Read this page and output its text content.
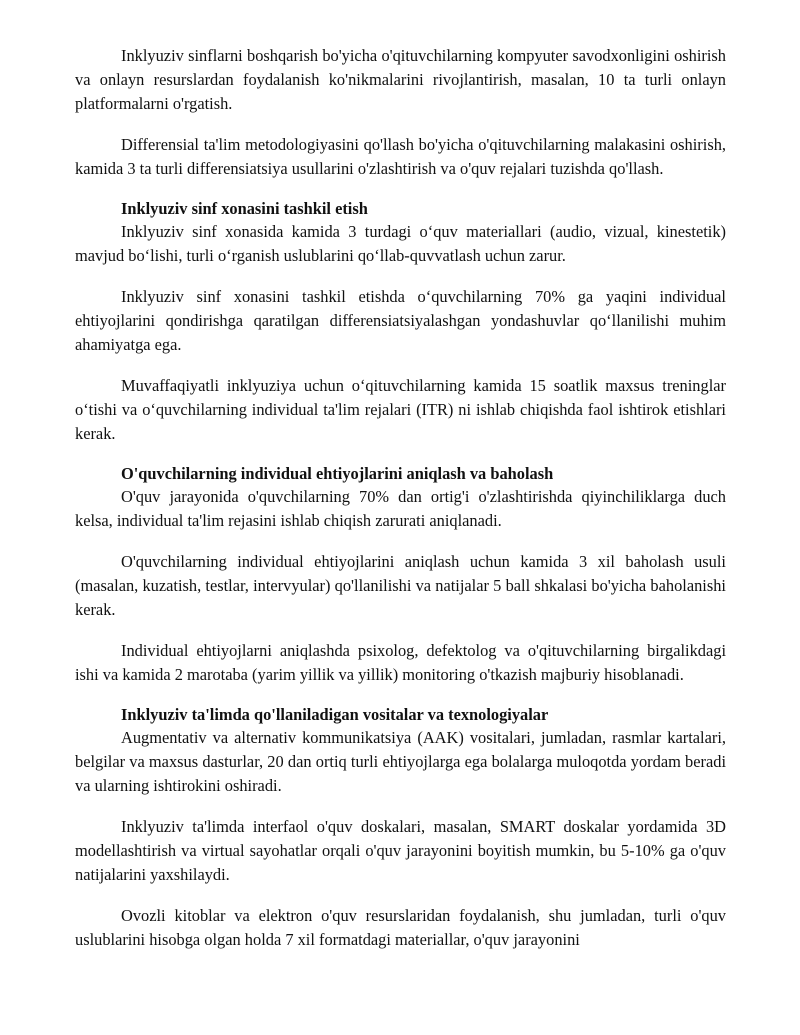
Inklyuziv sinflarni boshqarish bo'yicha o'qituvchilarning kompyuter savodxonligini oshirish va onlayn resurslardan foydalanish ko'nikmalarini rivojlantirish, masalan, 10 ta turli onlayn platformalarni o'rgatish.

Differensial ta'lim metodologiyasini qo'llash bo'yicha o'qituvchilarning malakasini oshirish, kamida 3 ta turli differensiatsiya usullarini o'zlashtirish va o'quv rejalari tuzishda qo'llash.

Inklyuziv sinf xonasini tashkil etish

Inklyuziv sinf xonasida kamida 3 turdagi o‘quv materiallari (audio, vizual, kinestetik) mavjud bo‘lishi, turli o‘rganish uslublarini qo‘llab-quvvatlash uchun zarur.

Inklyuziv sinf xonasini tashkil etishda o‘quvchilarning 70% ga yaqini individual ehtiyojlarini qondirishga qaratilgan differensiatsiyalashgan yondashuvlar qo‘llanilishi muhim ahamiyatga ega.

Muvaffaqiyatli inklyuziya uchun o‘qituvchilarning kamida 15 soatlik maxsus treninglar o‘tishi va o‘quvchilarning individual ta'lim rejalari (ITR) ni ishlab chiqishda faol ishtirok etishlari kerak.

O'quvchilarning individual ehtiyojlarini aniqlash va baholash

O'quv jarayonida o'quvchilarning 70% dan ortig'i o'zlashtirishda qiyinchiliklarga duch kelsa, individual ta'lim rejasini ishlab chiqish zarurati aniqlanadi.

O'quvchilarning individual ehtiyojlarini aniqlash uchun kamida 3 xil baholash usuli (masalan, kuzatish, testlar, intervyular) qo'llanilishi va natijalar 5 ball shkalasi bo'yicha baholanishi kerak.

Individual ehtiyojlarni aniqlashda psixolog, defektolog va o'qituvchilarning birgalikdagi ishi va kamida 2 marotaba (yarim yillik va yillik) monitoring o'tkazish majburiy hisoblanadi.

Inklyuziv ta'limda qo'llaniladigan vositalar va texnologiyalar

Augmentativ va alternativ kommunikatsiya (AAK) vositalari, jumladan, rasmlar kartalari, belgilar va maxsus dasturlar, 20 dan ortiq turli ehtiyojlarga ega bolalarga muloqotda yordam beradi va ularning ishtirokini oshiradi.

Inklyuziv ta'limda interfaol o'quv doskalari, masalan, SMART doskalar yordamida 3D modellashtirish va virtual sayohatlar orqali o'quv jarayonini boyitish mumkin, bu 5-10% ga o'quv natijalarini yaxshilaydi.

Ovozli kitoblar va elektron o'quv resurslaridan foydalanish, shu jumladan, turli o'quv uslublarini hisobga olgan holda 7 xil formatdagi materiallar, o'quv jarayonini
